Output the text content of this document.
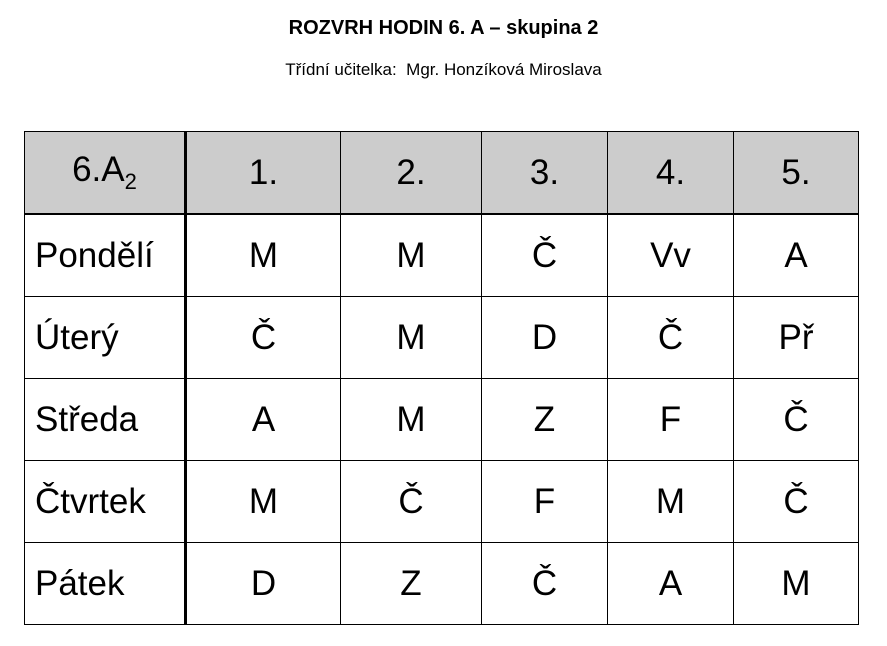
ROZVRH HODIN 6. A – skupina 2
Třídní učitelka:  Mgr. Honzíková Miroslava
$6.A_2$	1.	2.	3.	4.	5.
Pondělí	M	M	Č	Vv	A
Úterý	Č	M	D	Č	Př
Středa	A	M	Z	F	Č
Čtvrtek	M	Č	F	M	Č
Pátek	D	Z	Č	A	M
